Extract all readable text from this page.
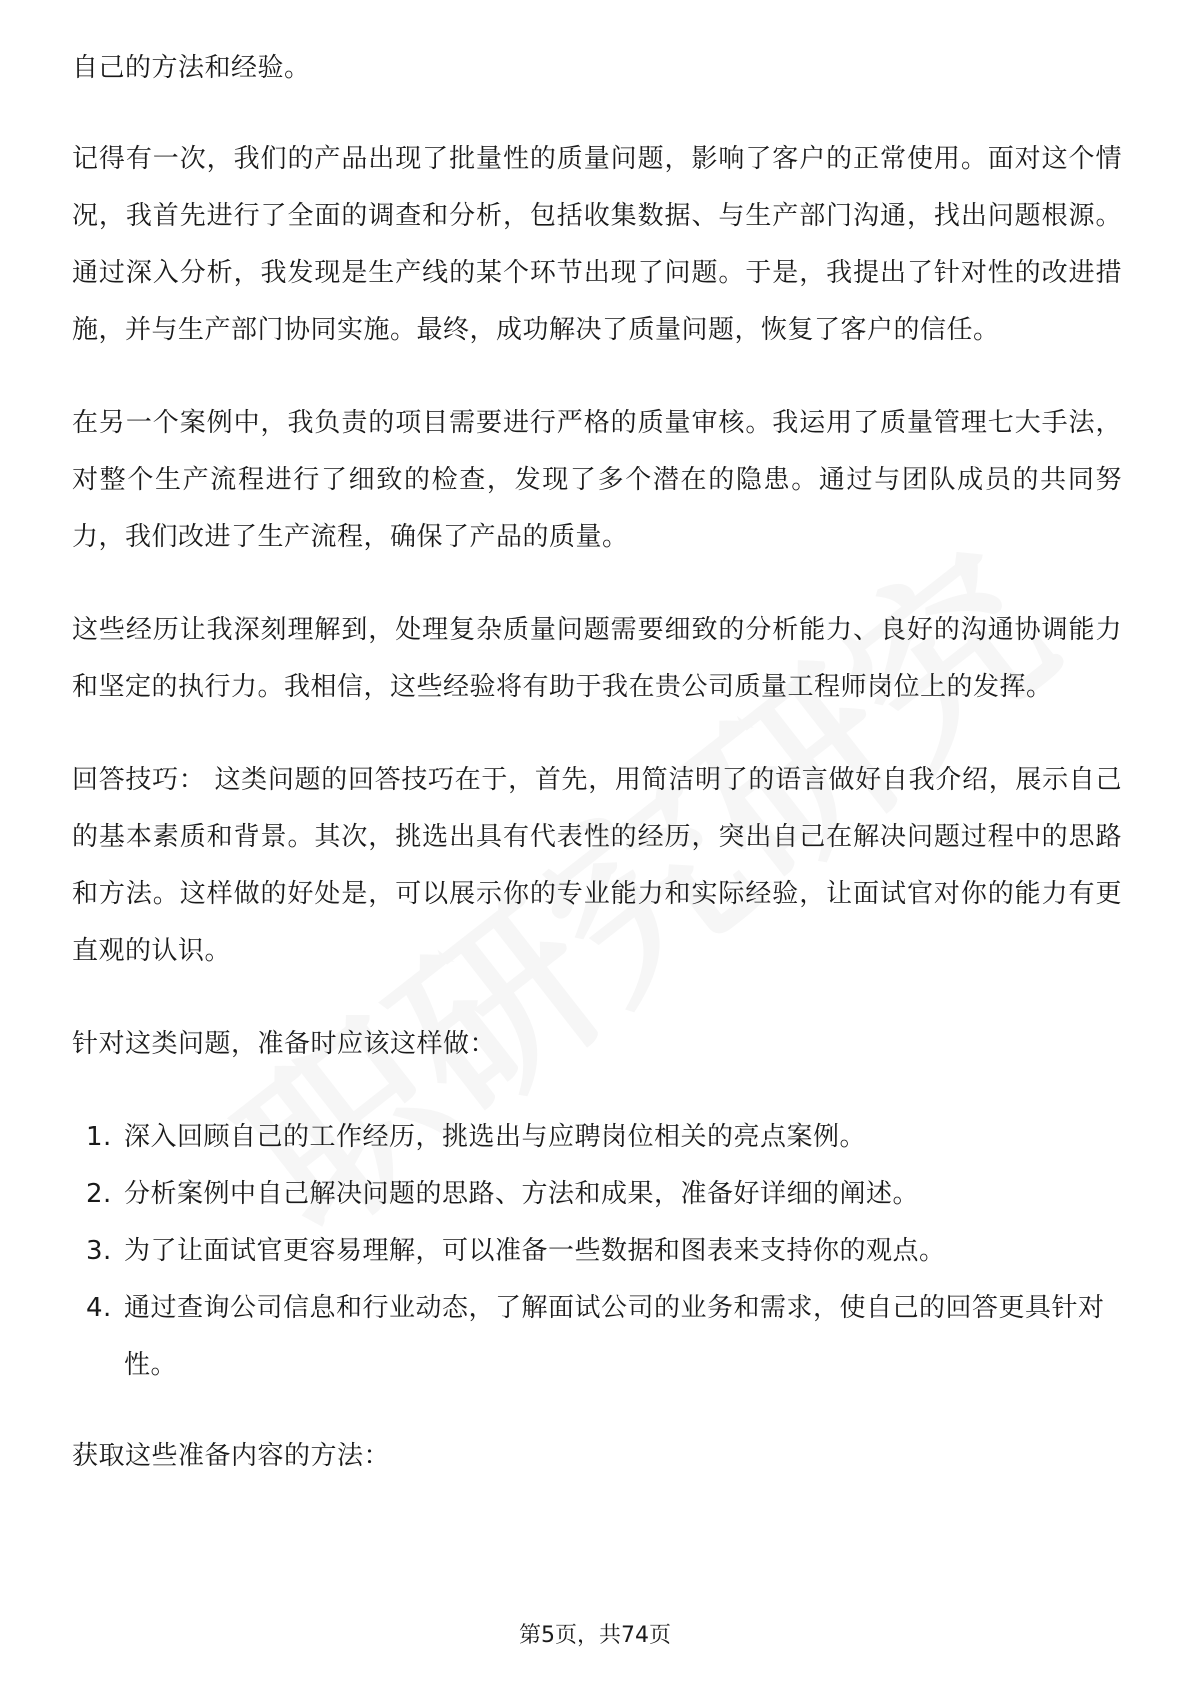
自己的方法和经验。

记得有一次，我们的产品出现了批量性的质量问题，影响了客户的正常使用。面对这个情况，我首先进行了全面的调查和分析，包括收集数据、与生产部门沟通，找出问题根源。通过深入分析，我发现是生产线的某个环节出现了问题。于是，我提出了针对性的改进措施，并与生产部门协同实施。最终，成功解决了质量问题，恢复了客户的信任。

在另一个案例中，我负责的项目需要进行严格的质量审核。我运用了质量管理七大手法，对整个生产流程进行了细致的检查，发现了多个潜在的隐患。通过与团队成员的共同努力，我们改进了生产流程，确保了产品的质量。

这些经历让我深刻理解到，处理复杂质量问题需要细致的分析能力、良好的沟通协调能力和坚定的执行力。我相信，这些经验将有助于我在贵公司质量工程师岗位上的发挥。

回答技巧： 这类问题的回答技巧在于，首先，用简洁明了的语言做好自我介绍，展示自己的基本素质和背景。其次，挑选出具有代表性的经历，突出自己在解决问题过程中的思路和方法。这样做的好处是，可以展示你的专业能力和实际经验，让面试官对你的能力有更直观的认识。

针对这类问题，准备时应该这样做：

1. 深入回顾自己的工作经历，挑选出与应聘岗位相关的亮点案例。
2. 分析案例中自己解决问题的思路、方法和成果，准备好详细的阐述。
3. 为了让面试官更容易理解，可以准备一些数据和图表来支持你的观点。
4. 通过查询公司信息和行业动态，了解面试公司的业务和需求，使自己的回答更具针对性。

获取这些准备内容的方法：

第5页，共74页
